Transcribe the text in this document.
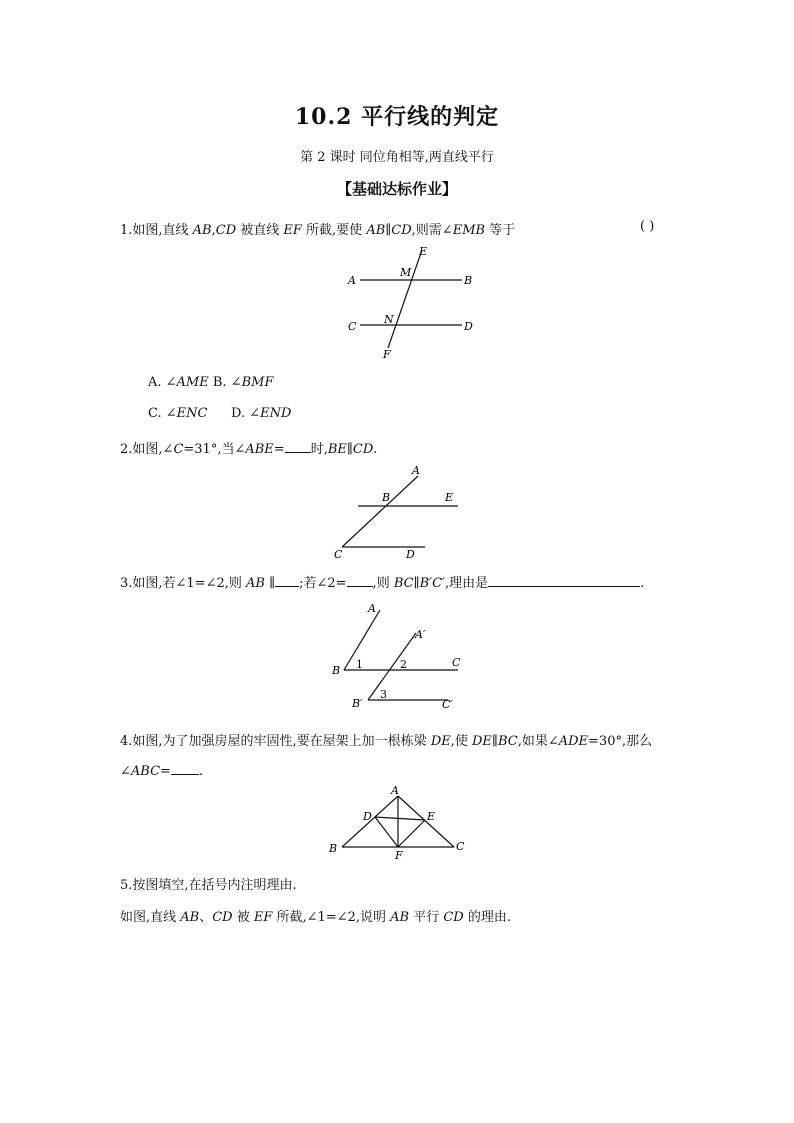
10.2 平行线的判定
第 2 课时 同位角相等,两直线平行
【基础达标作业】
1.如图,直线 AB,CD 被直线 EF 所截,要使 AB∥CD,则需∠EMB 等于	( )
A	B
C	D
E
F
M
N
A. ∠AME B. ∠BMF
C. ∠ENC D. ∠END
2.如图,∠C=31°,当∠ABE= 时,BE∥CD.
A
B	E
C	D
3.如图,若∠1=∠2,则 AB ∥ ;若∠2= ,则 BC∥B′C′,理由是	.
A
A′
B
C
B′	C′
1	2
3
4.如图,为了加强房屋的牢固性,要在屋架上加一根栋梁 DE,使 DE∥BC,如果∠ADE=30°,那么
∠ABC= .
A
B	C
D	E
F
5.按图填空,在括号内注明理由.
如图,直线 AB、CD 被 EF 所截,∠1=∠2,说明 AB 平行 CD 的理由.
